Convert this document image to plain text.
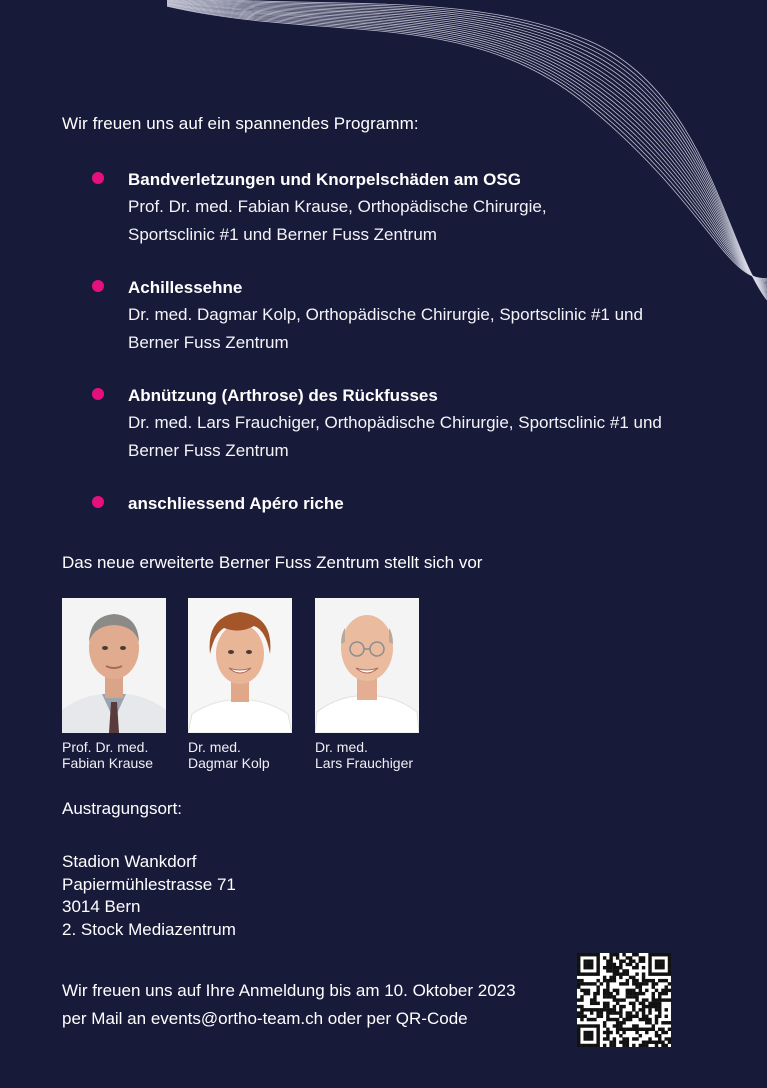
Wir freuen uns auf ein spannendes Programm:
Bandverletzungen und Knorpelschäden am OSG
Prof. Dr. med. Fabian Krause, Orthopädische Chirurgie,
Sportsclinic #1 und Berner Fuss Zentrum
Achillessehne
Dr. med. Dagmar Kolp, Orthopädische Chirurgie, Sportsclinic #1 und
Berner Fuss Zentrum
Abnützung (Arthrose) des Rückfusses
Dr. med. Lars Frauchiger, Orthopädische Chirurgie, Sportsclinic #1 und
Berner Fuss Zentrum
anschliessend Apéro riche
Das neue erweiterte Berner Fuss Zentrum stellt sich vor
Prof. Dr. med.
Fabian Krause
Dr. med.
Dagmar Kolp
Dr. med.
Lars Frauchiger
Austragungsort:
Stadion Wankdorf
Papiermühlestrasse 71
3014 Bern
2. Stock Mediazentrum
Wir freuen uns auf Ihre Anmeldung bis am 10. Oktober 2023
per Mail an events@ortho-team.ch oder per QR-Code
